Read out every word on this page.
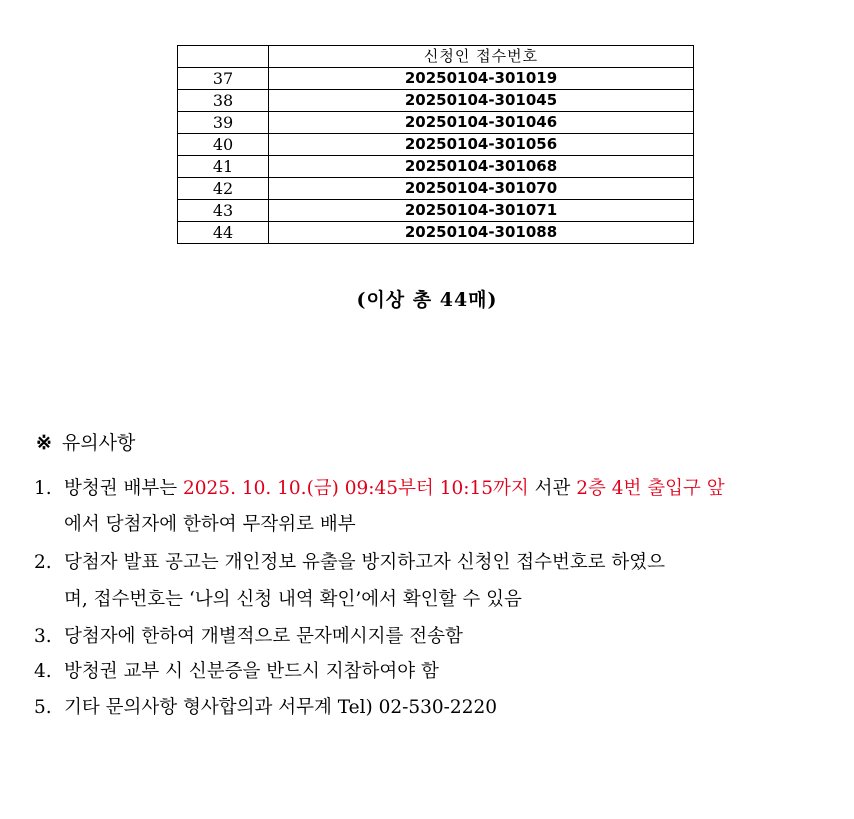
	신청인 접수번호
37	20250104-301019
38	20250104-301045
39	20250104-301046
40	20250104-301056
41	20250104-301068
42	20250104-301070
43	20250104-301071
44	20250104-301088
(이상 총 44매)
※ 유의사항
1. 방청권 배부는 2025. 10. 10.(금) 09:45부터 10:15까지 서관 2층 4번 출입구 앞
에서 당첨자에 한하여 무작위로 배부
2. 당첨자 발표 공고는 개인정보 유출을 방지하고자 신청인 접수번호로 하였으
며, 접수번호는 ‘나의 신청 내역 확인’에서 확인할 수 있음
3. 당첨자에 한하여 개별적으로 문자메시지를 전송함
4. 방청권 교부 시 신분증을 반드시 지참하여야 함
5. 기타 문의사항 형사합의과 서무계 Tel) 02-530-2220
